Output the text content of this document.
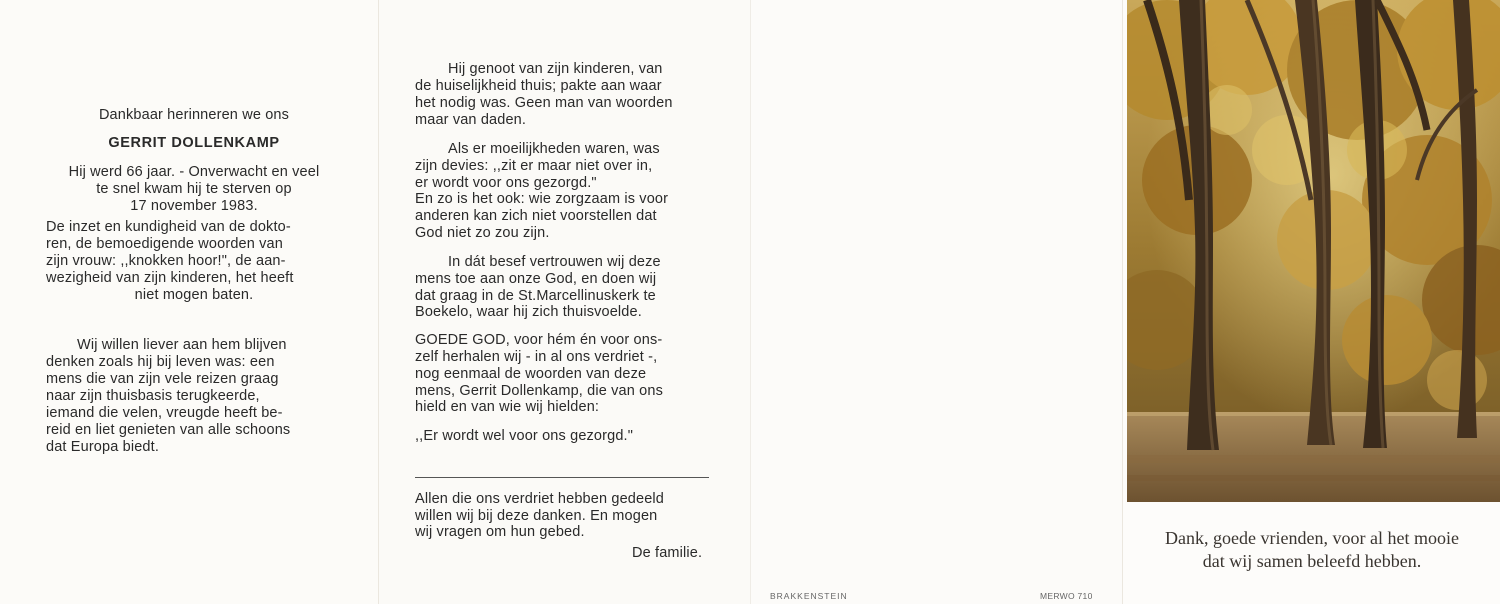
Dankbaar herinneren we ons

GERRIT DOLLENKAMP

Hij werd 66 jaar. - Onverwacht en veel

te snel kwam hij te sterven op

17 november 1983.

De inzet en kundigheid van de dokto-

ren, de bemoedigende woorden van

zijn vrouw: ,,knokken hoor!", de aan-

wezigheid van zijn kinderen, het heeft

niet mogen baten.

Wij willen liever aan hem blijven

denken zoals hij bij leven was: een

mens die van zijn vele reizen graag

naar zijn thuisbasis terugkeerde,

iemand die velen, vreugde heeft be-

reid en liet genieten van alle schoons

dat Europa biedt.

Hij genoot van zijn kinderen, van

de huiselijkheid thuis; pakte aan waar

het nodig was. Geen man van woorden

maar van daden.

Als er moeilijkheden waren, was

zijn devies: ,,zit er maar niet over in,

er wordt voor ons gezorgd."

En zo is het ook: wie zorgzaam is voor

anderen kan zich niet voorstellen dat

God niet zo zou zijn.

In dát besef vertrouwen wij deze

mens toe aan onze God, en doen wij

dat graag in de St.Marcellinuskerk te

Boekelo, waar hij zich thuisvoelde.

GOEDE GOD, voor hém én voor ons-

zelf herhalen wij - in al ons verdriet -,

nog eenmaal de woorden van deze

mens, Gerrit Dollenkamp, die van ons

hield en van wie wij hielden:

,,Er wordt wel voor ons gezorgd."

Allen die ons verdriet hebben gedeeld

willen wij bij deze danken. En mogen

wij vragen om hun gebed.

De familie.

BRAKKENSTEIN	MERWO 710
Dank, goede vrienden, voor al het mooie
dat wij samen beleefd hebben.
